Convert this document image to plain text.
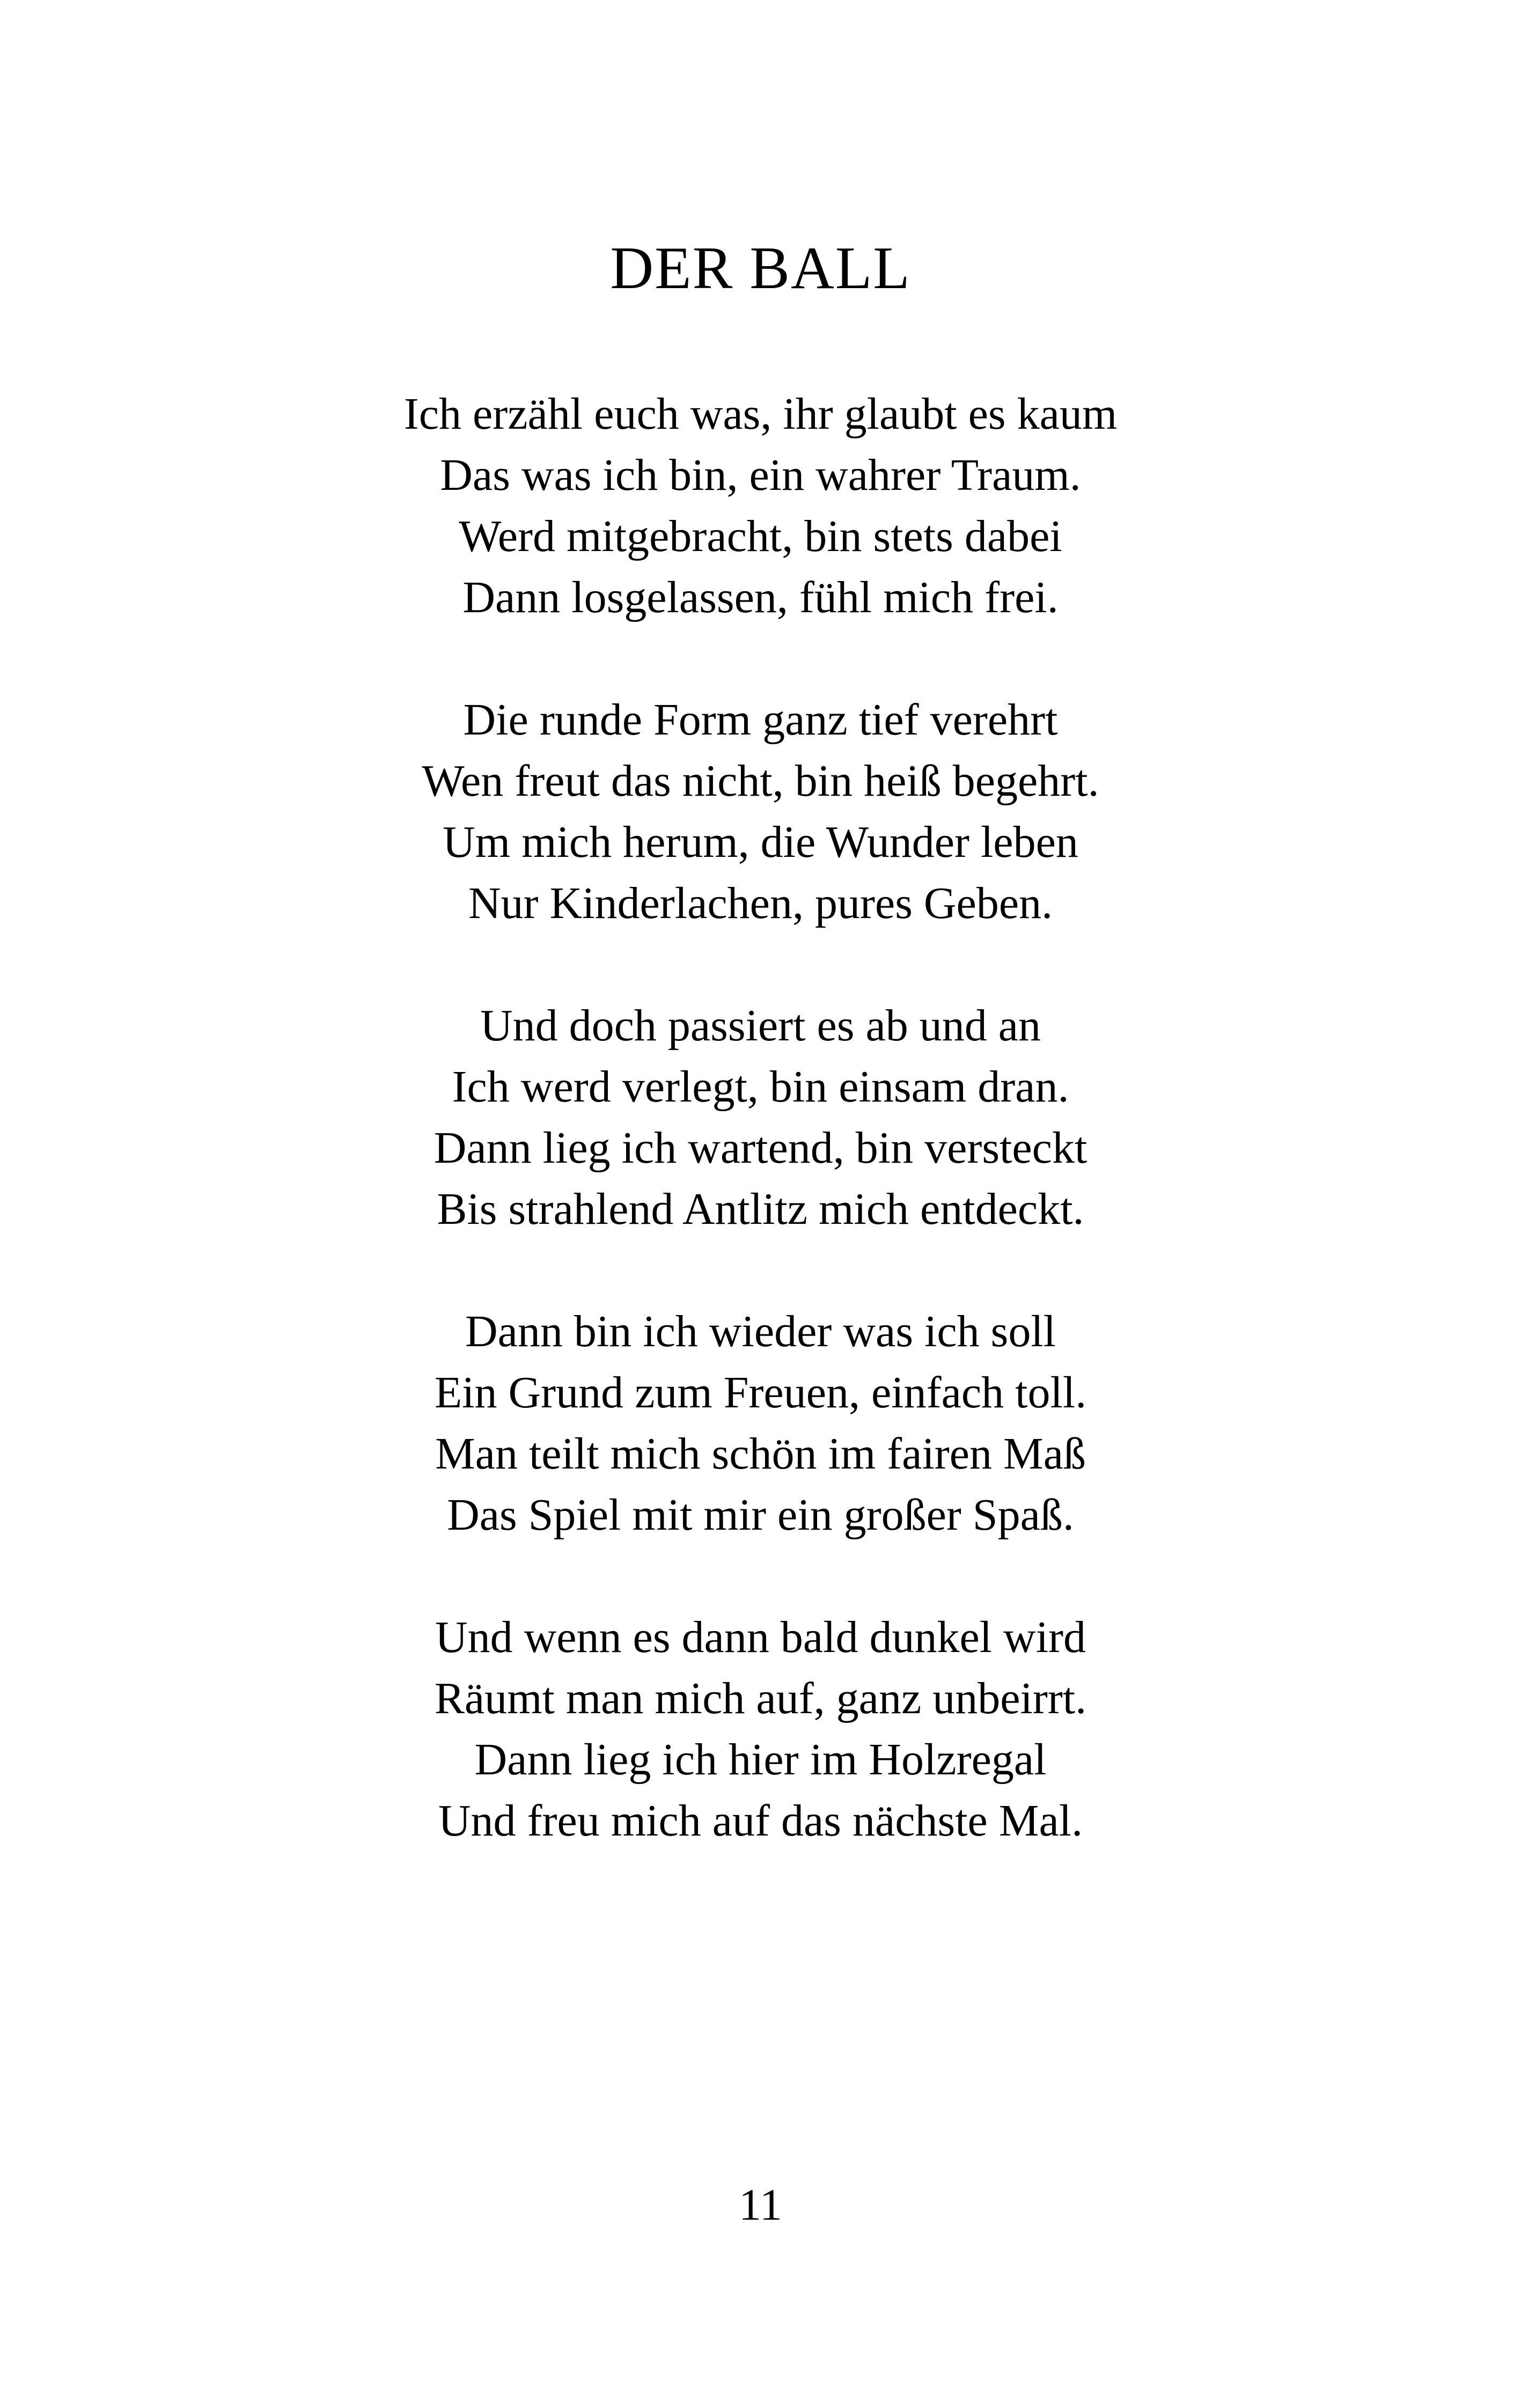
DER BALL
Ich erzähl euch was, ihr glaubt es kaum
Das was ich bin, ein wahrer Traum.
Werd mitgebracht, bin stets dabei
Dann losgelassen, fühl mich frei.
Die runde Form ganz tief verehrt
Wen freut das nicht, bin heiß begehrt.
Um mich herum, die Wunder leben
Nur Kinderlachen, pures Geben.
Und doch passiert es ab und an
Ich werd verlegt, bin einsam dran.
Dann lieg ich wartend, bin versteckt
Bis strahlend Antlitz mich entdeckt.
Dann bin ich wieder was ich soll
Ein Grund zum Freuen, einfach toll.
Man teilt mich schön im fairen Maß
Das Spiel mit mir ein großer Spaß.
Und wenn es dann bald dunkel wird
Räumt man mich auf, ganz unbeirrt.
Dann lieg ich hier im Holzregal
Und freu mich auf das nächste Mal.
11
